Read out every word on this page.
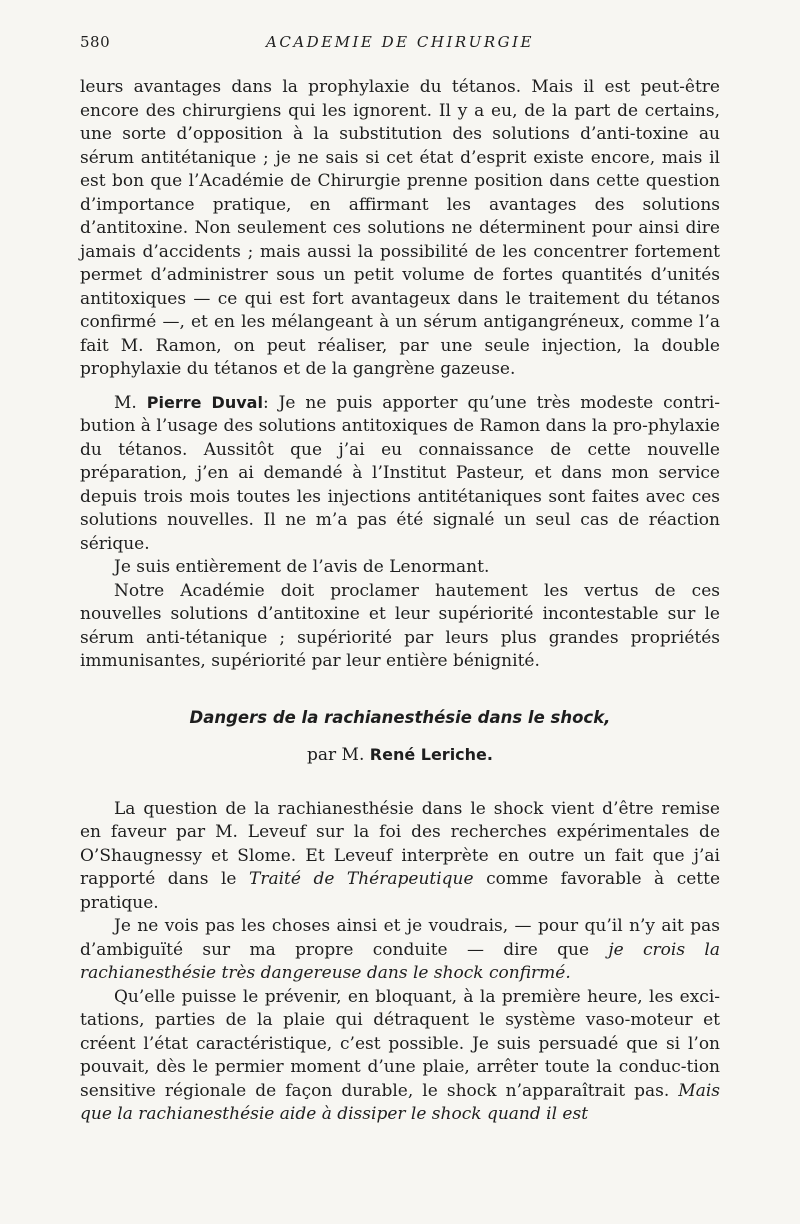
580	ACADEMIE DE CHIRURGIE

leurs avantages dans la prophylaxie du tétanos. Mais il est peut-être encore des chirurgiens qui les ignorent. Il y a eu, de la part de certains, une sorte d’opposition à la substitution des solutions d’anti-toxine au sérum antitétanique ; je ne sais si cet état d’esprit existe encore, mais il est bon que l’Académie de Chirurgie prenne position dans cette question d’importance pratique, en affirmant les avantages des solutions d’antitoxine. Non seulement ces solutions ne déterminent pour ainsi dire jamais d’accidents ; mais aussi la possibilité de les concentrer fortement permet d’administrer sous un petit volume de fortes quantités d’unités antitoxiques — ce qui est fort avantageux dans le traitement du tétanos confirmé —, et en les mélangeant à un sérum antigangréneux, comme l’a fait M. Ramon, on peut réaliser, par une seule injection, la double prophylaxie du tétanos et de la gangrène gazeuse.

M. Pierre Duval: Je ne puis apporter qu’une très modeste contri-bution à l’usage des solutions antitoxiques de Ramon dans la pro-phylaxie du tétanos. Aussitôt que j’ai eu connaissance de cette nouvelle préparation, j’en ai demandé à l’Institut Pasteur, et dans mon service depuis trois mois toutes les injections antitétaniques sont faites avec ces solutions nouvelles. Il ne m’a pas été signalé un seul cas de réaction sérique.

Je suis entièrement de l’avis de Lenormant.

Notre Académie doit proclamer hautement les vertus de ces nouvelles solutions d’antitoxine et leur supériorité incontestable sur le sérum anti-tétanique ; supériorité par leurs plus grandes propriétés immunisantes, supériorité par leur entière bénignité.

Dangers de la rachianesthésie dans le shock,
par M. René Leriche.

La question de la rachianesthésie dans le shock vient d’être remise en faveur par M. Leveuf sur la foi des recherches expérimentales de O’Shaugnessy et Slome. Et Leveuf interprète en outre un fait que j’ai rapporté dans le Traité de Thérapeutique comme favorable à cette pratique.

Je ne vois pas les choses ainsi et je voudrais, — pour qu’il n’y ait pas d’ambiguïté sur ma propre conduite — dire que je crois la rachianesthésie très dangereuse dans le shock confirmé.

Qu’elle puisse le prévenir, en bloquant, à la première heure, les exci-tations, parties de la plaie qui détraquent le système vaso-moteur et créent l’état caractéristique, c’est possible. Je suis persuadé que si l’on pouvait, dès le permier moment d’une plaie, arrêter toute la conduc-tion sensitive régionale de façon durable, le shock n’apparaîtrait pas. Mais que la rachianesthésie aide à dissiper le shock quand il est
